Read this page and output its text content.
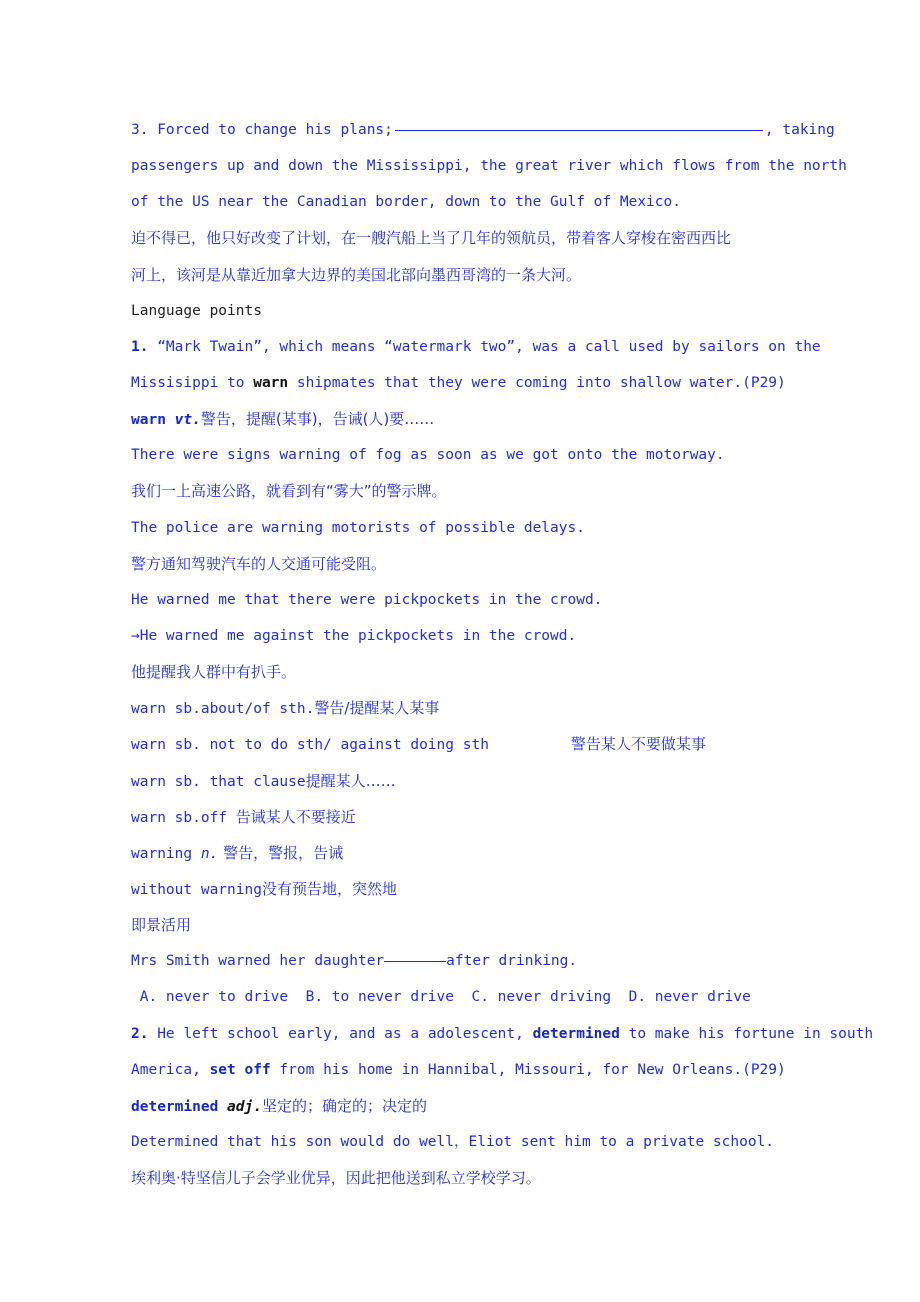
3. Forced to change his plans;	, taking
passengers up and down the Mississippi, the great river which flows from the north
of the US near the Canadian border, down to the Gulf of Mexico.
迫不得已，他只好改变了计划，在一艘汽船上当了几年的领航员，带着客人穿梭在密西西比
河上，该河是从靠近加拿大边界的美国北部向墨西哥湾的一条大河。
Language points
1. “Mark Twain”, which means “watermark two”, was a call used by sailors on the
Missisippi to warn shipmates that they were coming into shallow water.(P29)
warn vt.警告，提醒(某事)，告诫(人)要……
There were signs warning of fog as soon as we got onto the motorway.
我们一上高速公路，就看到有“雾大”的警示牌。
The police are warning motorists of possible delays.
警方通知驾驶汽车的人交通可能受阻。
He warned me that there were pickpockets in the crowd.
→He warned me against the pickpockets in the crowd.
他提醒我人群中有扒手。
warn sb.about/of sth.警告/提醒某人某事
warn sb. not to do sth/ against doing sth	警告某人不要做某事
warn sb. that clause提醒某人……
warn sb.off 告诫某人不要接近
warning n. 警告，警报，告诫
without warning没有预告地，突然地
即景活用
Mrs Smith warned her daughter	after drinking.
A. never to drive  B. to never drive  C. never driving  D. never drive
2. He left school early, and as a adolescent, determined to make his fortune in south
America, set off from his home in Hannibal, Missouri, for New Orleans.(P29)
determined adj.坚定的；确定的；决定的
Determined that his son would do well，Eliot sent him to a private school.
埃利奥·特坚信儿子会学业优异，因此把他送到私立学校学习。
